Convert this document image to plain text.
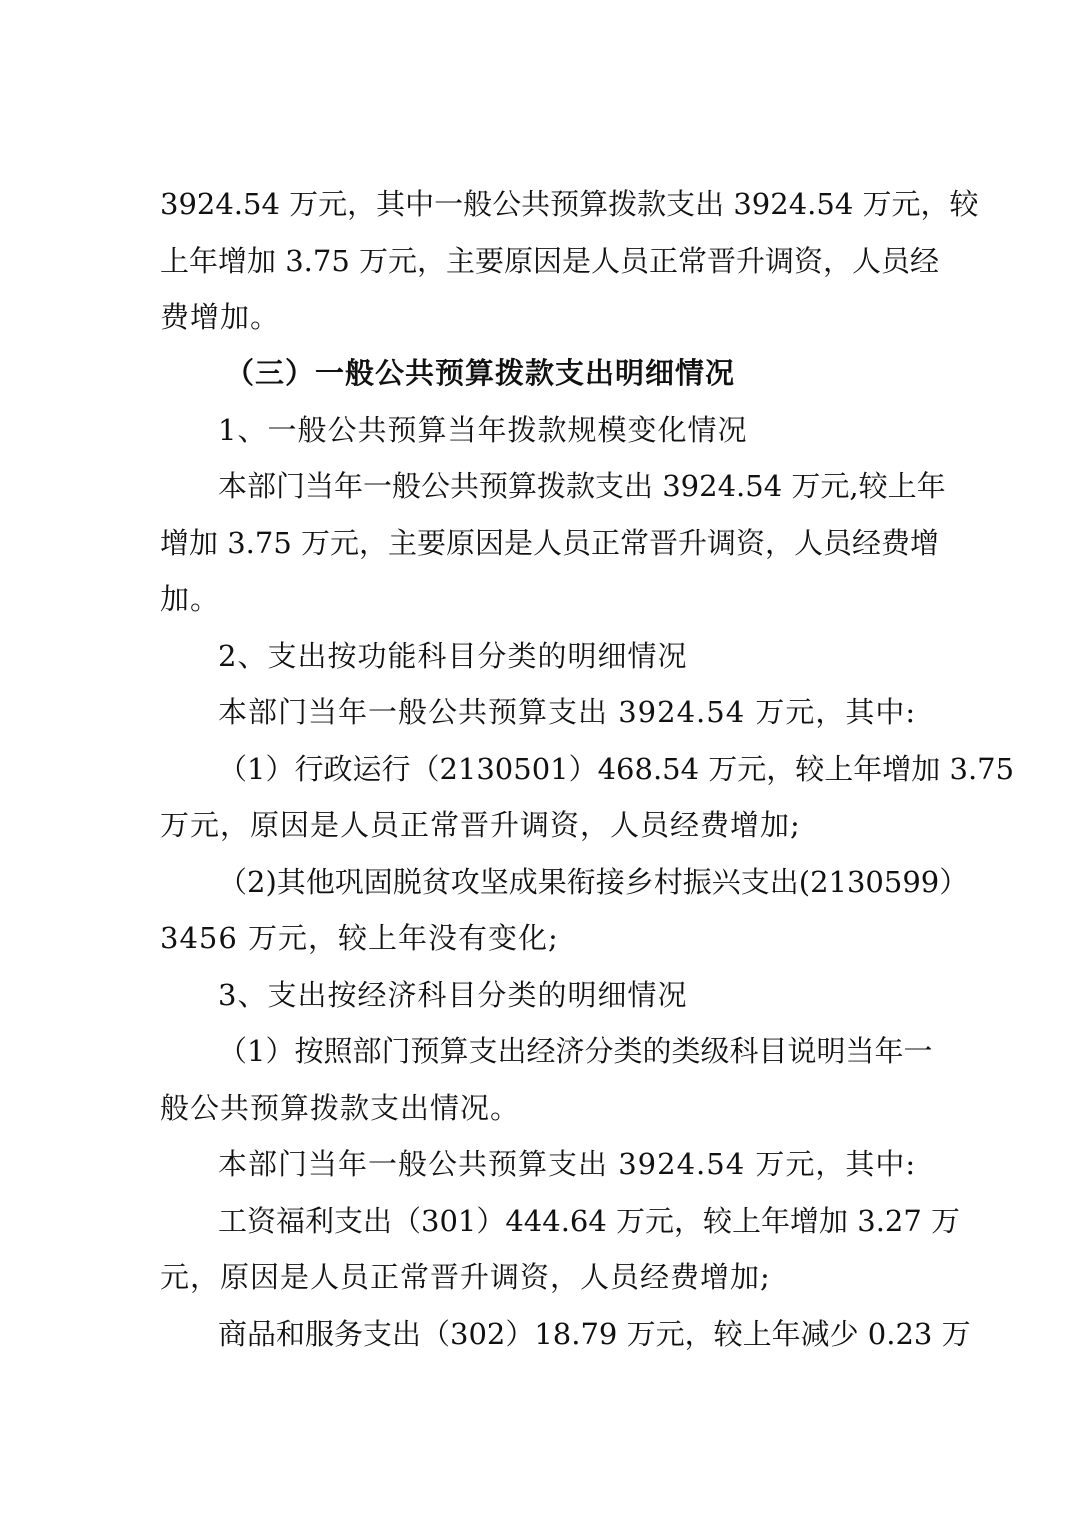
3924.54 万元，其中一般公共预算拨款支出 3924.54 万元，较
上年增加 3.75 万元，主要原因是人员正常晋升调资，人员经
费增加。
（三）一般公共预算拨款支出明细情况
1、一般公共预算当年拨款规模变化情况
本部门当年一般公共预算拨款支出 3924.54 万元,较上年
增加 3.75 万元，主要原因是人员正常晋升调资，人员经费增
加。
2、支出按功能科目分类的明细情况
本部门当年一般公共预算支出 3924.54 万元，其中:
（1）行政运行（2130501）468.54 万元，较上年增加 3.75
万元，原因是人员正常晋升调资，人员经费增加;
（2)其他巩固脱贫攻坚成果衔接乡村振兴支出(2130599）
3456 万元，较上年没有变化;
3、支出按经济科目分类的明细情况
（1）按照部门预算支出经济分类的类级科目说明当年一
般公共预算拨款支出情况。
本部门当年一般公共预算支出 3924.54 万元，其中:
工资福利支出（301）444.64 万元，较上年增加 3.27 万
元，原因是人员正常晋升调资，人员经费增加;
商品和服务支出（302）18.79 万元，较上年减少 0.23 万
